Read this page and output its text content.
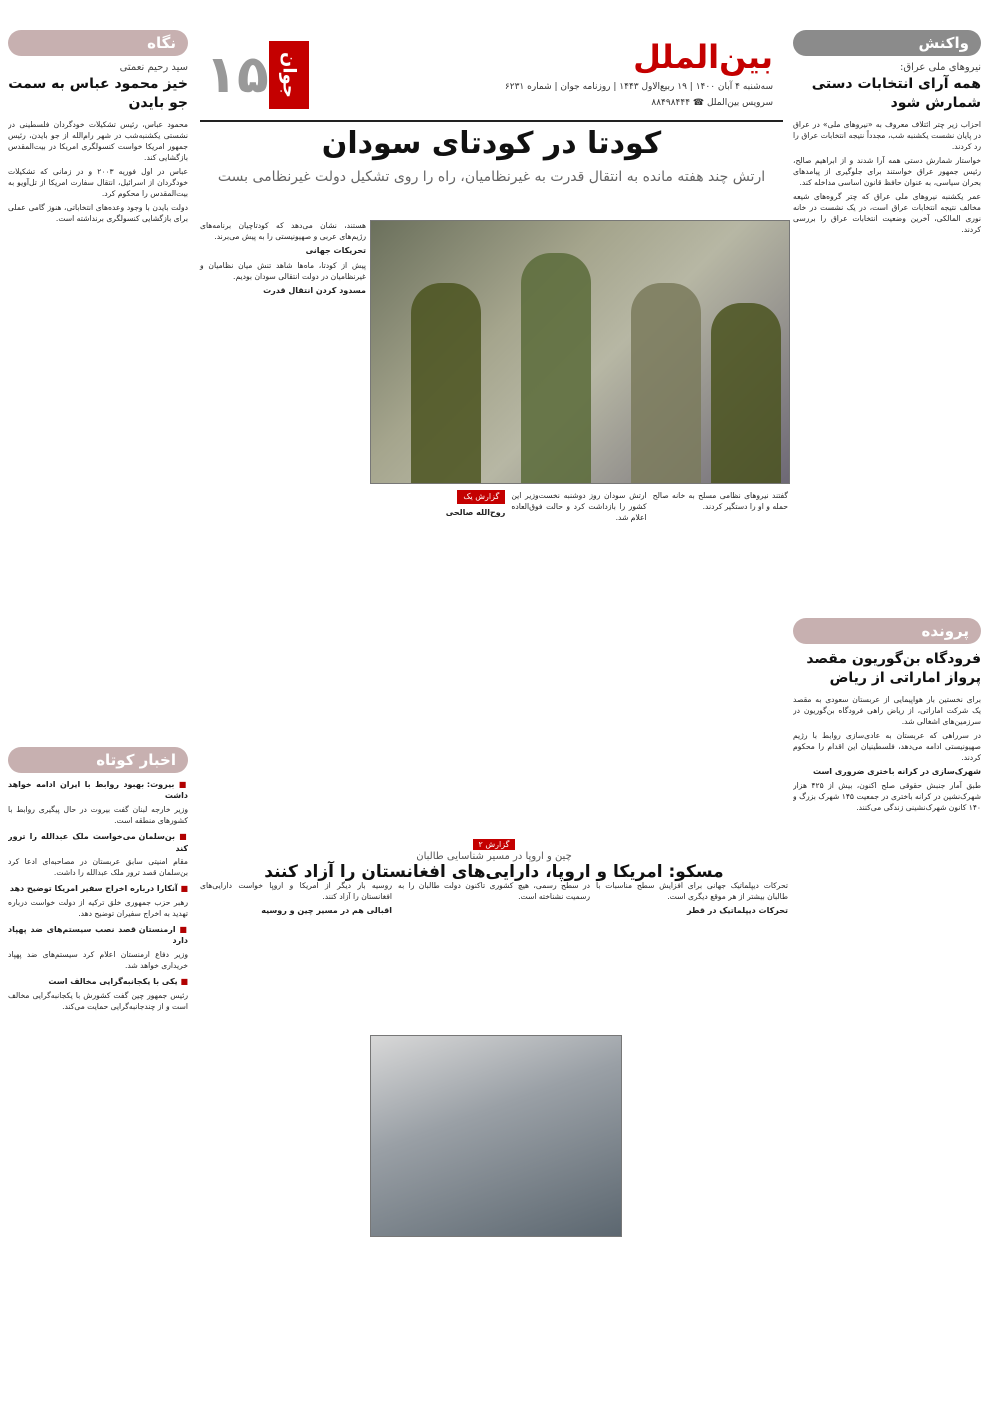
واکنش
نیروهای ملی عراق:
همه آرای انتخابات دستی شمارش شود

احزاب زیر چتر ائتلاف معروف به «نیروهای ملی» در عراق در پایان نشست یکشنبه شب، مجدداً نتیجه انتخابات عراق را رد کردند.

خواستار شمارش دستی همه آرا شدند و از ابراهیم صالح، رئیس جمهور عراق خواستند برای جلوگیری از پیامدهای بحران سیاسی، به عنوان حافظ قانون اساسی مداخله کند.

عمر یکشنبه نیروهای ملی عراق که چتر گروه‌های شیعه مخالف نتیجه انتخابات عراق است، در یک نشست در خانه نوری المالکی، آخرین وضعیت انتخابات عراق را بررسی کردند.

پرونده
فرودگاه بن‌گوریون مقصد پرواز اماراتی از ریاض

برای نخستین بار هواپیمایی از عربستان سعودی به مقصد یک شرکت اماراتی، از ریاض راهی فرودگاه بن‌گوریون در سرزمین‌های اشغالی شد.

در سرراهی که عربستان به عادی‌سازی روابط با رژیم صهیونیستی ادامه می‌دهد، فلسطینیان این اقدام را محکوم کردند.

شهرک‌سازی در کرانه باختری ضروری است

طبق آمار جنبش حقوقی صلح اکنون، بیش از ۴۲۵ هزار شهرک‌نشین در کرانه باختری در جمعیت ۱۴۵ شهرک بزرگ و ۱۴۰ کانون شهرک‌نشینی زندگی می‌کنند.

نگاه
سید رحیم نعمتی
خیز محمود عباس به سمت جو بایدن

محمود عباس، رئیس تشکیلات خودگردان فلسطینی در نشستی یکشنبه‌شب در شهر رام‌الله از جو بایدن، رئیس جمهور امریکا خواست کنسولگری امریکا در بیت‌المقدس بازگشایی کند.

عباس در اول فوریه ۲۰۰۳ و در زمانی که تشکیلات خودگردان از اسرائیل، انتقال سفارت امریکا از تل‌آویو به بیت‌المقدس را محکوم کرد.

دولت بایدن با وجود وعده‌های انتخاباتی، هنوز گامی عملی برای بازگشایی کنسولگری برنداشته است.

اخبار کوتاه
■ بیروت: بهبود روابط با ایران ادامه خواهد داشت

وزیر خارجه لبنان گفت بیروت در حال پیگیری روابط با کشورهای منطقه است.

■ بن‌سلمان می‌خواست ملک عبدالله را ترور کند

مقام امنیتی سابق عربستان در مصاحبه‌ای ادعا کرد بن‌سلمان قصد ترور ملک عبدالله را داشت.

■ آنکارا درباره اخراج سفیر امریکا توضیح دهد

رهبر حزب جمهوری خلق ترکیه از دولت خواست درباره تهدید به اخراج سفیران توضیح دهد.

■ ارمنستان قصد نصب سیستم‌های ضد پهپاد دارد

وزیر دفاع ارمنستان اعلام کرد سیستم‌های ضد پهپاد خریداری خواهد شد.

■ یکی با یکجانبه‌گرایی مخالف است

رئیس جمهور چین گفت کشورش با یکجانبه‌گرایی مخالف است و از چندجانبه‌گرایی حمایت می‌کند.

جوان
۱۵	بین‌الملل
سه‌شنبه ۴ آبان ۱۴۰۰ | ۱۹ ربیع‌الاول ۱۴۴۳ | روزنامه جوان | شماره ۶۲۳۱
سرویس بین‌الملل ☎ ۸۸۴۹۸۴۴۴
کودتا در کودتای سودان
ارتش چند هفته مانده به انتقال قدرت به غیرنظامیان، راه را روی تشکیل دولت غیرنظامی بست

هستند، نشان می‌دهد که کودتاچیان برنامه‌های رژیم‌های عربی و صهیونیستی را به پیش می‌برند.

تحریکات جهانی

پیش از کودتا، ماه‌ها شاهد تنش میان نظامیان و غیرنظامیان در دولت انتقالی سودان بودیم.

مسدود کردن انتقال قدرت

گفتند نیروهای نظامی مسلح به خانه صالح حمله و او را دستگیر کردند.

ارتش سودان روز دوشنبه نخست‌وزیر این کشور را بازداشت کرد و حالت فوق‌العاده اعلام شد.

گزارش یک
روح‌الله صالحی
گزارش ۲
چین و اروپا در مسیر شناسایی طالبان
مسکو: امریکا و اروپا، دارایی‌های افغانستان را آزاد کنند

تحرکات دیپلماتیک جهانی برای افزایش سطح مناسبات با طالبان بیشتر از هر موقع دیگری است.

تحرکات دیپلماتیک در قطر

در سطح رسمی، هیچ کشوری تاکنون دولت طالبان را به رسمیت نشناخته است.

روسیه بار دیگر از امریکا و اروپا خواست دارایی‌های افغانستان را آزاد کنند.

اقبالی هم در مسیر چین و روسیه
